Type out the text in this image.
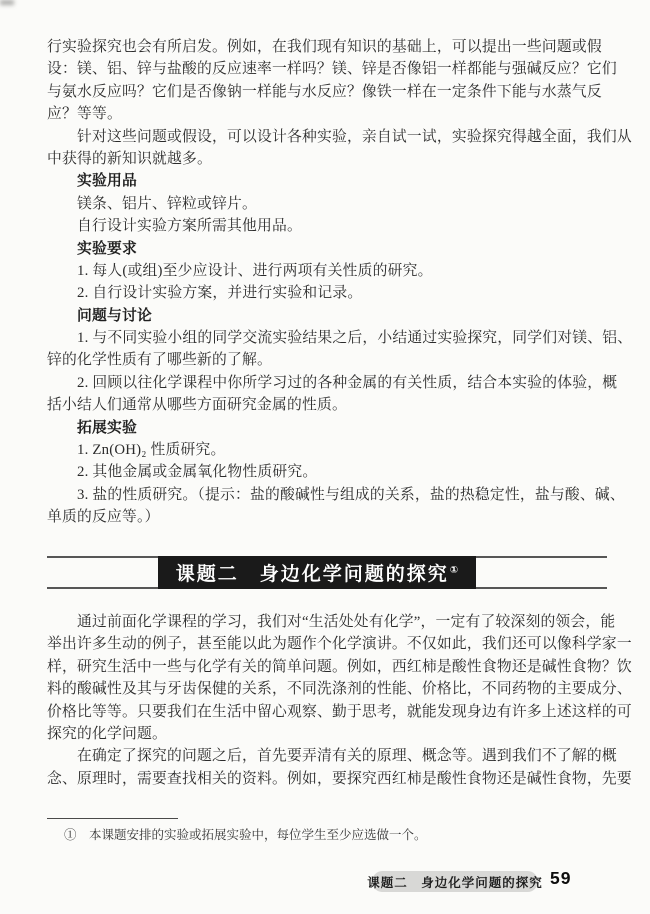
行实验探究也会有所启发。例如，在我们现有知识的基础上，可以提出一些问题或假
设：镁、铝、锌与盐酸的反应速率一样吗？镁、锌是否像铝一样都能与强碱反应？它们
与氨水反应吗？它们是否像钠一样能与水反应？像铁一样在一定条件下能与水蒸气反
应？等等。
　　针对这些问题或假设，可以设计各种实验，亲自试一试，实验探究得越全面，我们从
中获得的新知识就越多。
　　实验用品
　　镁条、铝片、锌粒或锌片。
　　自行设计实验方案所需其他用品。
　　实验要求
　　1. 每人(或组)至少应设计、进行两项有关性质的研究。
　　2. 自行设计实验方案，并进行实验和记录。
　　问题与讨论
　　1. 与不同实验小组的同学交流实验结果之后，小结通过实验探究，同学们对镁、铝、
锌的化学性质有了哪些新的了解。
　　2. 回顾以往化学课程中你所学习过的各种金属的有关性质，结合本实验的体验，概
括小结人们通常从哪些方面研究金属的性质。
　　拓展实验
　　1. Zn(OH)₂ 性质研究。
　　2. 其他金属或金属氧化物性质研究。
　　3. 盐的性质研究。（提示：盐的酸碱性与组成的关系，盐的热稳定性，盐与酸、碱、
单质的反应等。）
课题二　身边化学问题的探究①
　　通过前面化学课程的学习，我们对“生活处处有化学”，一定有了较深刻的领会，能
举出许多生动的例子，甚至能以此为题作个化学演讲。不仅如此，我们还可以像科学家一
样，研究生活中一些与化学有关的简单问题。例如，西红柿是酸性食物还是碱性食物？饮
料的酸碱性及其与牙齿保健的关系，不同洗涤剂的性能、价格比，不同药物的主要成分、
价格比等等。只要我们在生活中留心观察、勤于思考，就能发现身边有许多上述这样的可
探究的化学问题。
　　在确定了探究的问题之后，首先要弄清有关的原理、概念等。遇到我们不了解的概
念、原理时，需要查找相关的资料。例如，要探究西红柿是酸性食物还是碱性食物，先要
①　本课题安排的实验或拓展实验中，每位学生至少应选做一个。
课题二　身边化学问题的探究 59
